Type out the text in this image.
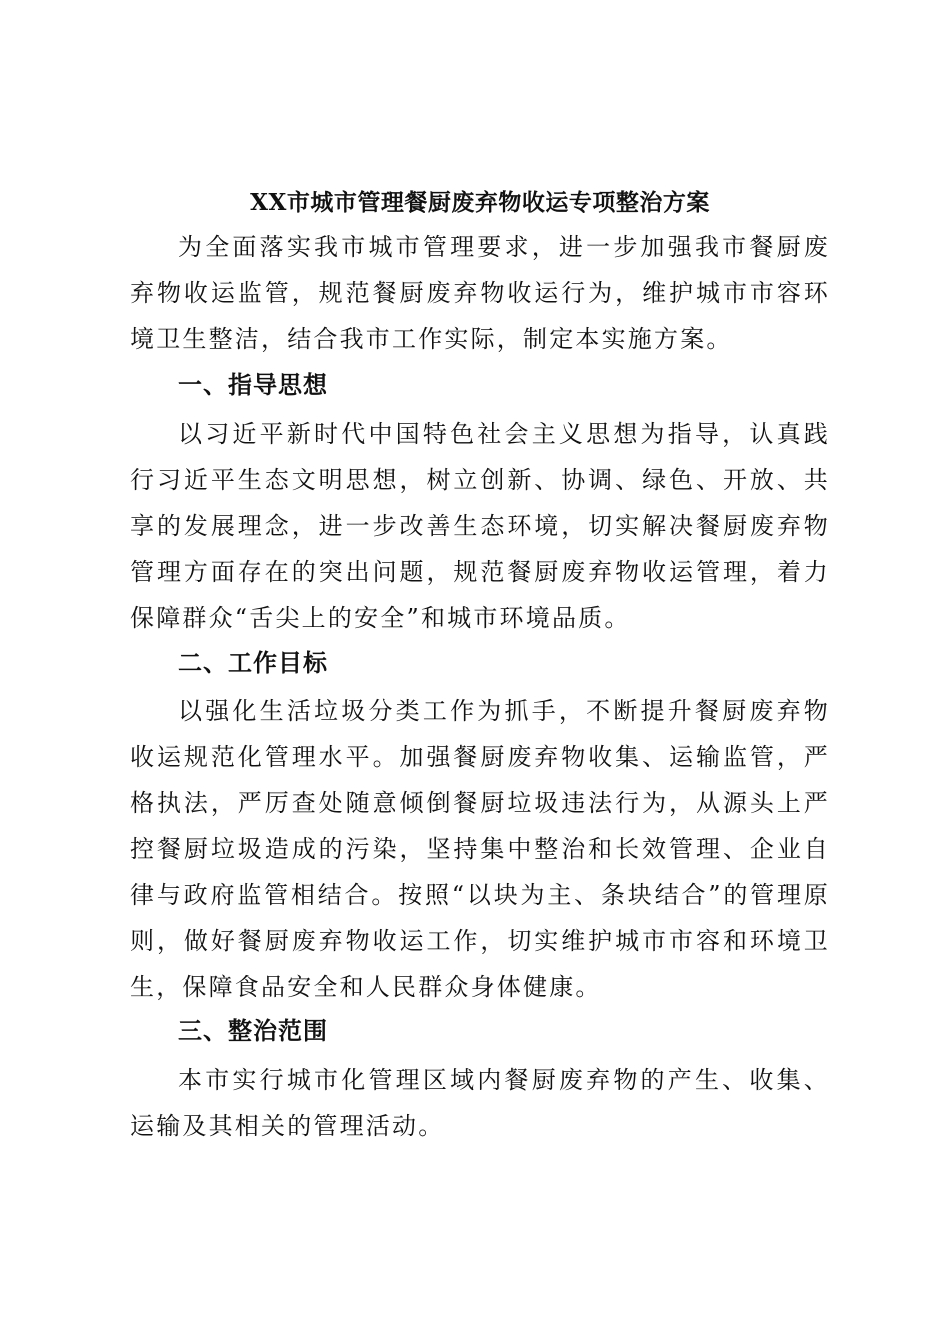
XX市城市管理餐厨废弃物收运专项整治方案

为全面落实我市城市管理要求，进一步加强我市餐厨废弃物收运监管，规范餐厨废弃物收运行为，维护城市市容环境卫生整洁，结合我市工作实际，制定本实施方案。

一、指导思想

以习近平新时代中国特色社会主义思想为指导，认真践行习近平生态文明思想，树立创新、协调、绿色、开放、共享的发展理念，进一步改善生态环境，切实解决餐厨废弃物管理方面存在的突出问题，规范餐厨废弃物收运管理，着力保障群众“舌尖上的安全”和城市环境品质。

二、工作目标

以强化生活垃圾分类工作为抓手，不断提升餐厨废弃物收运规范化管理水平。加强餐厨废弃物收集、运输监管，严格执法，严厉查处随意倾倒餐厨垃圾违法行为，从源头上严控餐厨垃圾造成的污染，坚持集中整治和长效管理、企业自律与政府监管相结合。按照“以块为主、条块结合”的管理原则，做好餐厨废弃物收运工作，切实维护城市市容和环境卫生，保障食品安全和人民群众身体健康。

三、整治范围

本市实行城市化管理区域内餐厨废弃物的产生、收集、运输及其相关的管理活动。
